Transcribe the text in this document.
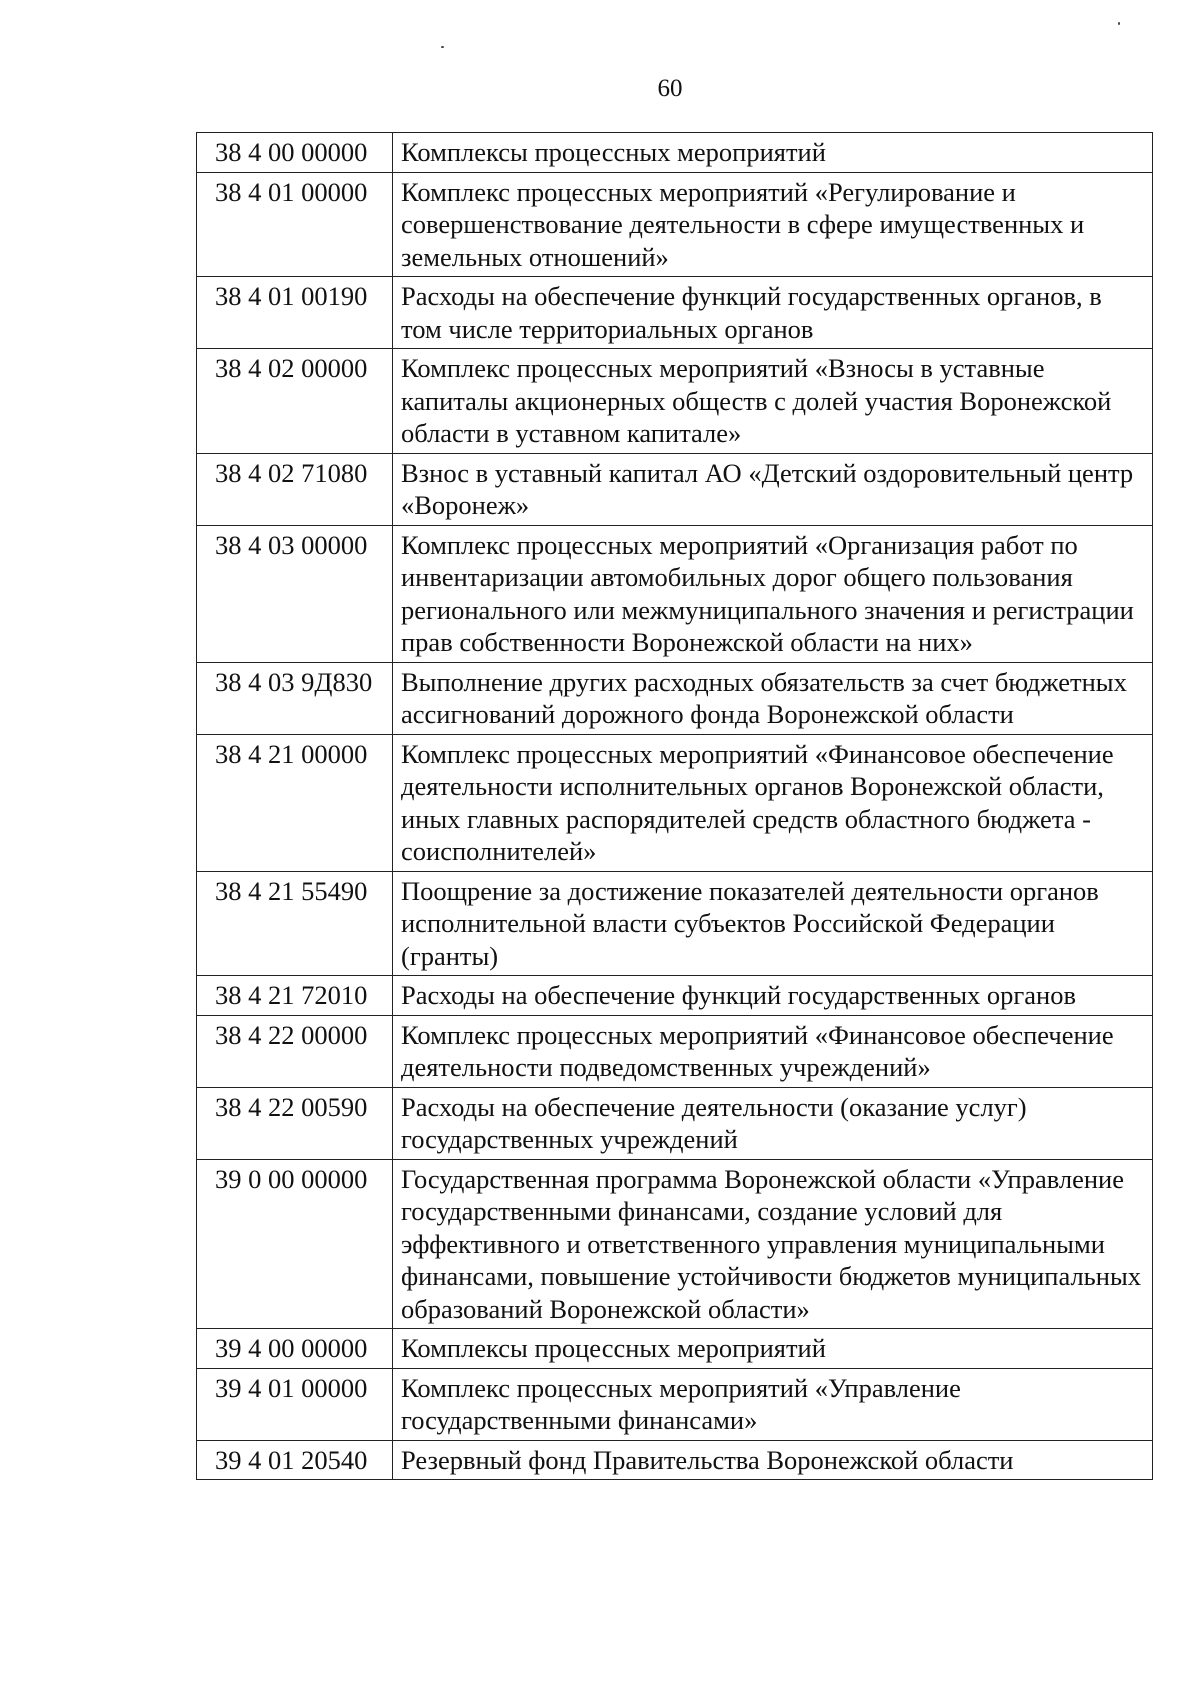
60
38 4 00 00000	Комплексы процессных мероприятий
38 4 01 00000	Комплекс процессных мероприятий «Регулирование и совершенствование деятельности в сфере имущественных и земельных отношений»
38 4 01 00190	Расходы на обеспечение функций государственных органов, в том числе территориальных органов
38 4 02 00000	Комплекс процессных мероприятий «Взносы в уставные капиталы акционерных обществ с долей участия Воронежской области в уставном капитале»
38 4 02 71080	Взнос в уставный капитал АО «Детский оздоровительный центр «Воронеж»
38 4 03 00000	Комплекс процессных мероприятий «Организация работ по инвентаризации автомобильных дорог общего пользования регионального или межмуниципального значения и регистрации прав собственности Воронежской области на них»
38 4 03 9Д830	Выполнение других расходных обязательств за счет бюджетных ассигнований дорожного фонда Воронежской области
38 4 21 00000	Комплекс процессных мероприятий «Финансовое обеспечение деятельности исполнительных органов Воронежской области, иных главных распорядителей средств областного бюджета - соисполнителей»
38 4 21 55490	Поощрение за достижение показателей деятельности органов исполнительной власти субъектов Российской Федерации (гранты)
38 4 21 72010	Расходы на обеспечение функций государственных органов
38 4 22 00000	Комплекс процессных мероприятий «Финансовое обеспечение деятельности подведомственных учреждений»
38 4 22 00590	Расходы на обеспечение деятельности (оказание услуг) государственных учреждений
39 0 00 00000	Государственная программа Воронежской области «Управление государственными финансами, создание условий для эффективного и ответственного управления муниципальными финансами, повышение устойчивости бюджетов муниципальных образований Воронежской области»
39 4 00 00000	Комплексы процессных мероприятий
39 4 01 00000	Комплекс процессных мероприятий «Управление государственными финансами»
39 4 01 20540	Резервный фонд Правительства Воронежской области
